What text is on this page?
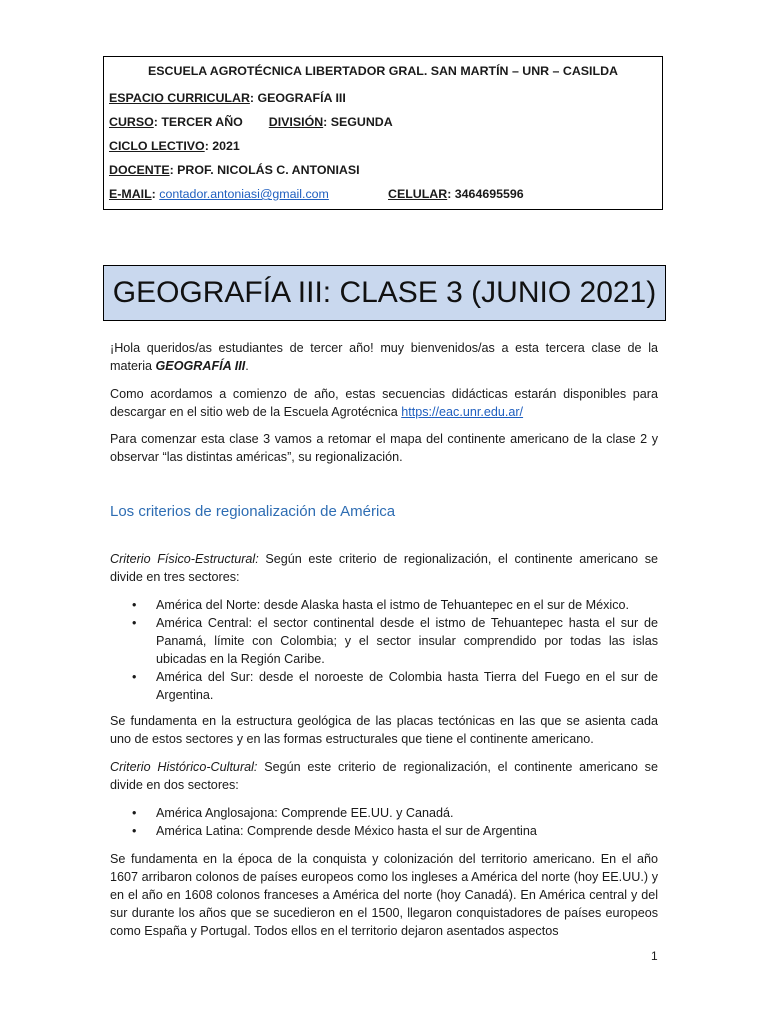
ESCUELA AGROTÉCNICA LIBERTADOR GRAL. SAN MARTÍN – UNR – CASILDA
ESPACIO CURRICULAR: GEOGRAFÍA III
CURSO: TERCER AÑO DIVISIÓN: SEGUNDA
CICLO LECTIVO: 2021
DOCENTE: PROF. NICOLÁS C. ANTONIASI
E-MAIL: contador.antoniasi@gmail.com	CELULAR: 3464695596
GEOGRAFÍA III: CLASE 3 (JUNIO 2021)
¡Hola queridos/as estudiantes de tercer año! muy bienvenidos/as a esta tercera clase de la materia GEOGRAFÍA III.
Como acordamos a comienzo de año, estas secuencias didácticas estarán disponibles para descargar en el sitio web de la Escuela Agrotécnica https://eac.unr.edu.ar/
Para comenzar esta clase 3 vamos a retomar el mapa del continente americano de la clase 2 y observar “las distintas américas”, su regionalización.
Los criterios de regionalización de América
Criterio Físico-Estructural: Según este criterio de regionalización, el continente americano se divide en tres sectores:
• América del Norte: desde Alaska hasta el istmo de Tehuantepec en el sur de México.
• América Central: el sector continental desde el istmo de Tehuantepec hasta el sur de Panamá, límite con Colombia; y el sector insular comprendido por todas las islas ubicadas en la Región Caribe.
• América del Sur: desde el noroeste de Colombia hasta Tierra del Fuego en el sur de Argentina.
Se fundamenta en la estructura geológica de las placas tectónicas en las que se asienta cada uno de estos sectores y en las formas estructurales que tiene el continente americano.
Criterio Histórico-Cultural: Según este criterio de regionalización, el continente americano se divide en dos sectores:
• América Anglosajona: Comprende EE.UU. y Canadá.
• América Latina: Comprende desde México hasta el sur de Argentina
Se fundamenta en la época de la conquista y colonización del territorio americano. En el año 1607 arribaron colonos de países europeos como los ingleses a América del norte (hoy EE.UU.) y en el año en 1608 colonos franceses a América del norte (hoy Canadá). En América central y del sur durante los años que se sucedieron en el 1500, llegaron conquistadores de países europeos como España y Portugal. Todos ellos en el territorio dejaron asentados aspectos
1
